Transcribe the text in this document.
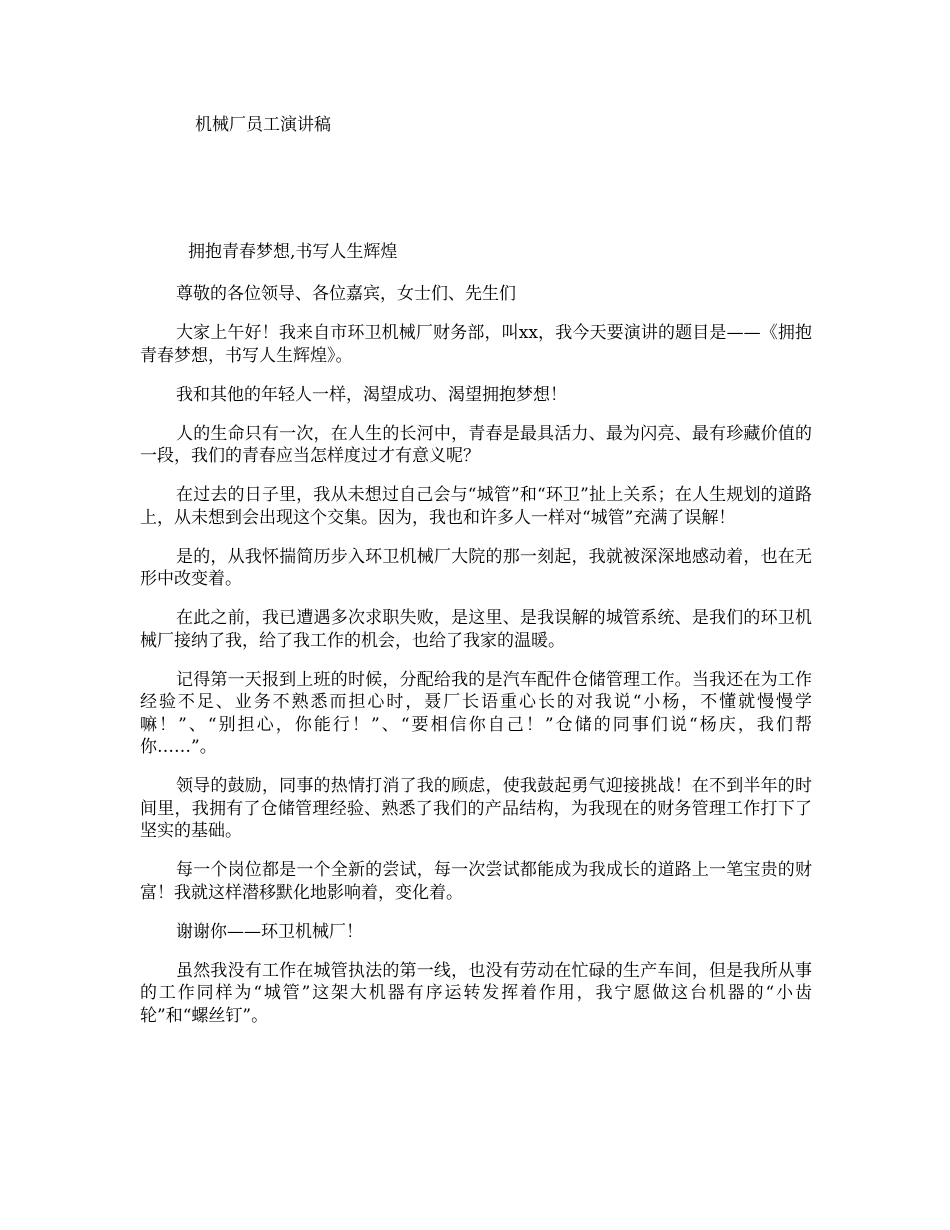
机械厂员工演讲稿
拥抱青春梦想,书写人生辉煌

尊敬的各位领导、各位嘉宾，女士们、先生们

大家上午好！我来自市环卫机械厂财务部，叫xx，我今天要演讲的题目是——《拥抱青春梦想，书写人生辉煌》。

我和其他的年轻人一样，渴望成功、渴望拥抱梦想！

人的生命只有一次，在人生的长河中，青春是最具活力、最为闪亮、最有珍藏价值的一段，我们的青春应当怎样度过才有意义呢？

在过去的日子里，我从未想过自己会与“城管”和“环卫”扯上关系；在人生规划的道路上，从未想到会出现这个交集。因为，我也和许多人一样对“城管”充满了误解！

是的，从我怀揣简历步入环卫机械厂大院的那一刻起，我就被深深地感动着，也在无形中改变着。

在此之前，我已遭遇多次求职失败，是这里、是我误解的城管系统、是我们的环卫机械厂接纳了我，给了我工作的机会，也给了我家的温暖。

记得第一天报到上班的时候，分配给我的是汽车配件仓储管理工作。当我还在为工作经验不足、业务不熟悉而担心时，聂厂长语重心长的对我说“小杨，不懂就慢慢学嘛！”、“别担心，你能行！”、“要相信你自己！”仓储的同事们说“杨庆，我们帮你……”。

领导的鼓励，同事的热情打消了我的顾虑，使我鼓起勇气迎接挑战！在不到半年的时间里，我拥有了仓储管理经验、熟悉了我们的产品结构，为我现在的财务管理工作打下了坚实的基础。

每一个岗位都是一个全新的尝试，每一次尝试都能成为我成长的道路上一笔宝贵的财富！我就这样潜移默化地影响着，变化着。

谢谢你——环卫机械厂！

虽然我没有工作在城管执法的第一线，也没有劳动在忙碌的生产车间，但是我所从事的工作同样为“城管”这架大机器有序运转发挥着作用，我宁愿做这台机器的“小齿轮”和“螺丝钉”。
